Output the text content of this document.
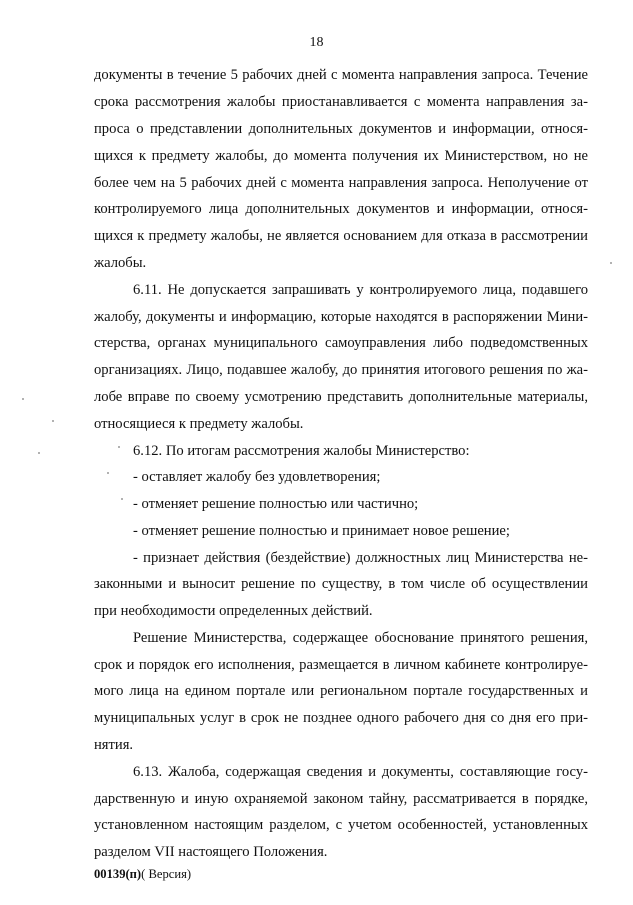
18
документы в течение 5 рабочих дней с момента направления запроса. Течение
срока рассмотрения жалобы приостанавливается с момента направления за-
проса о представлении дополнительных документов и информации, относя-
щихся к предмету жалобы, до момента получения их Министерством, но не
более чем на 5 рабочих дней с момента направления запроса. Неполучение от
контролируемого лица дополнительных документов и информации, относя-
щихся к предмету жалобы, не является основанием для отказа в рассмотрении
жалобы.
6.11. Не допускается запрашивать у контролируемого лица, подавшего
жалобу, документы и информацию, которые находятся в распоряжении Мини-
стерства, органах муниципального самоуправления либо подведомственных
организациях. Лицо, подавшее жалобу, до принятия итогового решения по жа-
лобе вправе по своему усмотрению представить дополнительные материалы,
относящиеся к предмету жалобы.
6.12. По итогам рассмотрения жалобы Министерство:
- оставляет жалобу без удовлетворения;
- отменяет решение полностью или частично;
- отменяет решение полностью и принимает новое решение;
- признает действия (бездействие) должностных лиц Министерства не-
законными и выносит решение по существу, в том числе об осуществлении
при необходимости определенных действий.
Решение Министерства, содержащее обоснование принятого решения,
срок и порядок его исполнения, размещается в личном кабинете контролируе-
мого лица на едином портале или региональном портале государственных и
муниципальных услуг в срок не позднее одного рабочего дня со дня его при-
нятия.
6.13. Жалоба, содержащая сведения и документы, составляющие госу-
дарственную и иную охраняемой законом тайну, рассматривается в порядке,
установленном настоящим разделом, с учетом особенностей, установленных
разделом VII настоящего Положения.
00139(п)( Версия)
